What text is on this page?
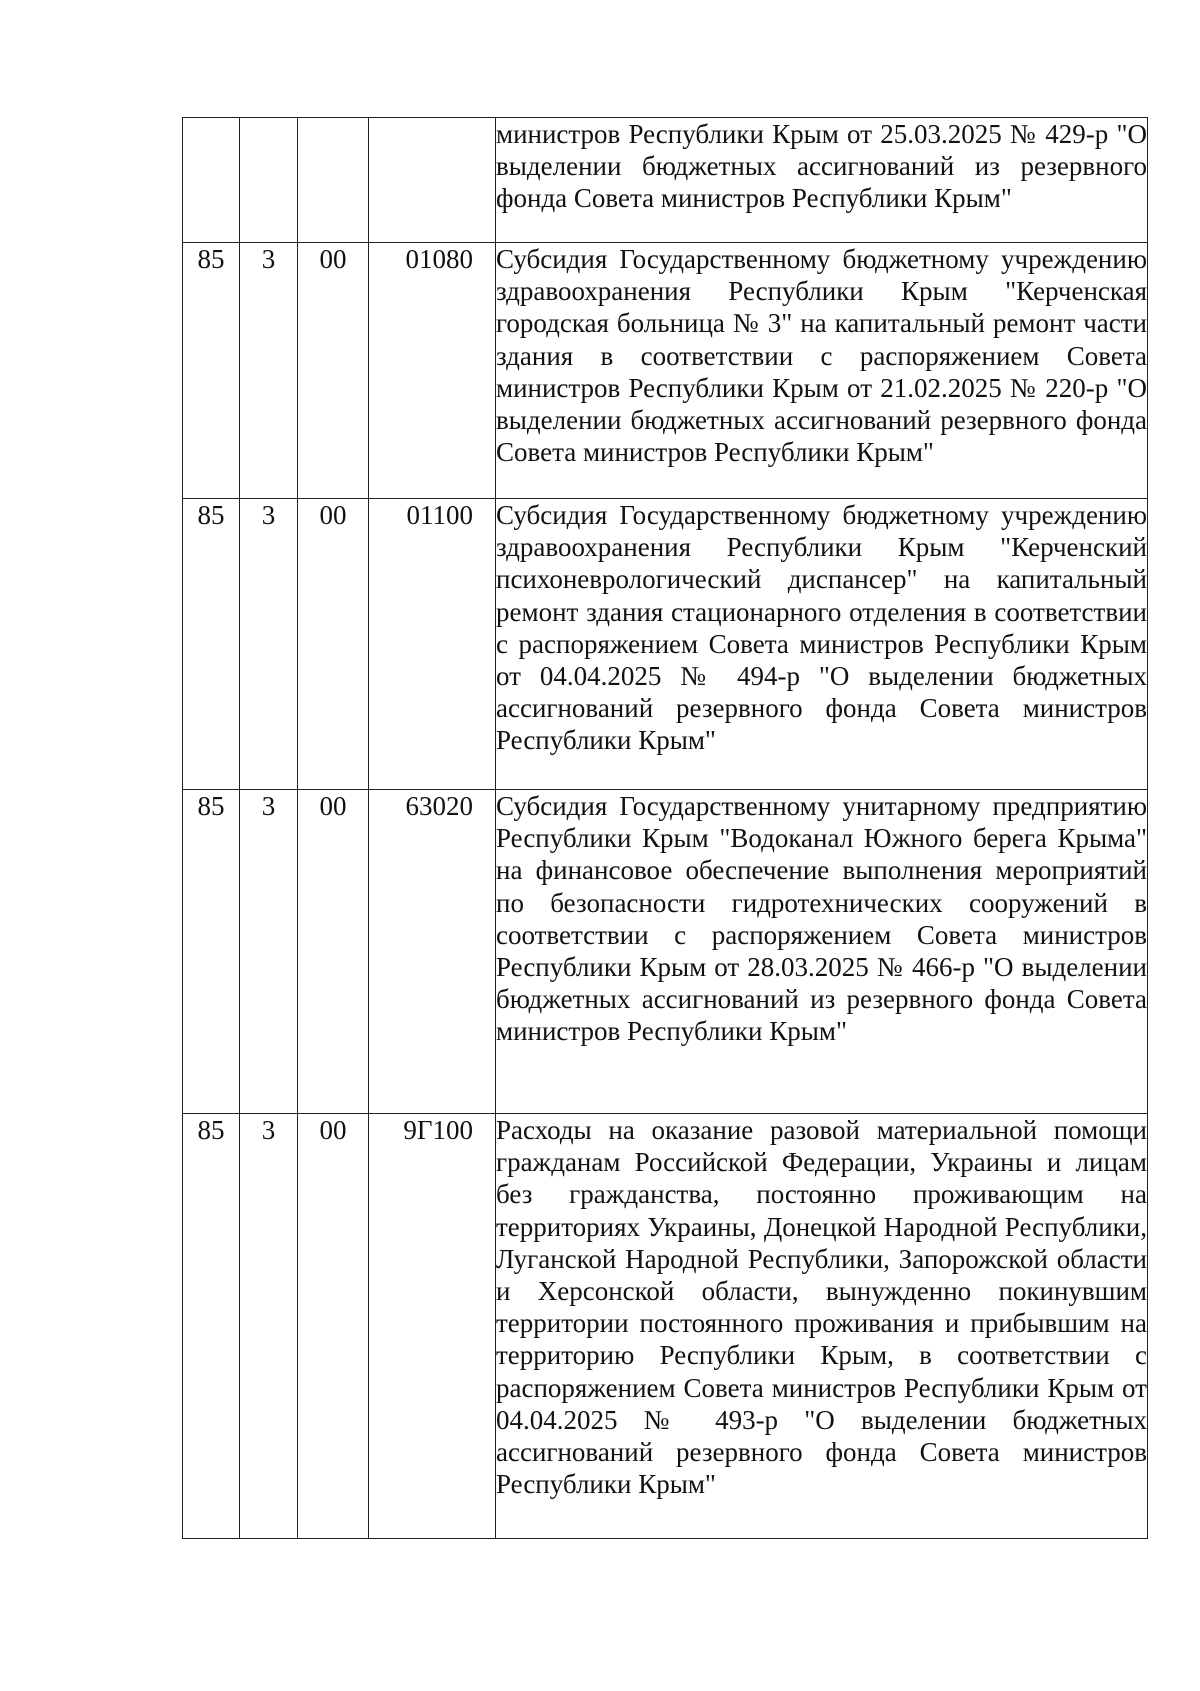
				министров Республики Крым от 25.03.2025 № 429-р "О выделении бюджетных ассигнований из резервного фонда Совета министров Республики Крым"
85	3	00	01080	Субсидия Государственному бюджетному учреждению здравоохранения Республики Крым "Керченская городская больница № 3" на капитальный ремонт части здания в соответствии с распоряжением Совета министров Республики Крым от 21.02.2025 № 220-р "О выделении бюджетных ассигнований резервного фонда Совета министров Республики Крым"
85	3	00	01100	Субсидия Государственному бюджетному учреждению здравоохранения Республики Крым "Керченский психоневрологический диспансер" на капитальный ремонт здания стационарного отделения в соответствии с распоряжением Совета министров Республики Крым от 04.04.2025 № 494-р "О выделении бюджетных ассигнований резервного фонда Совета министров Республики Крым"
85	3	00	63020	Субсидия Государственному унитарному предприятию Республики Крым "Водоканал Южного берега Крыма" на финансовое обеспечение выполнения мероприятий по безопасности гидротехнических сооружений в соответствии с распоряжением Совета министров Республики Крым от 28.03.2025 № 466-р "О выделении бюджетных ассигнований из резервного фонда Совета министров Республики Крым"
85	3	00	9Г100	Расходы на оказание разовой материальной помощи гражданам Российской Федерации, Украины и лицам без гражданства, постоянно проживающим на территориях Украины, Донецкой Народной Республики, Луганской Народной Республики, Запорожской области и Херсонской области, вынужденно покинувшим территории постоянного проживания и прибывшим на территорию Республики Крым, в соответствии с распоряжением Совета министров Республики Крым от 04.04.2025 № 493-р "О выделении бюджетных ассигнований резервного фонда Совета министров Республики Крым"
